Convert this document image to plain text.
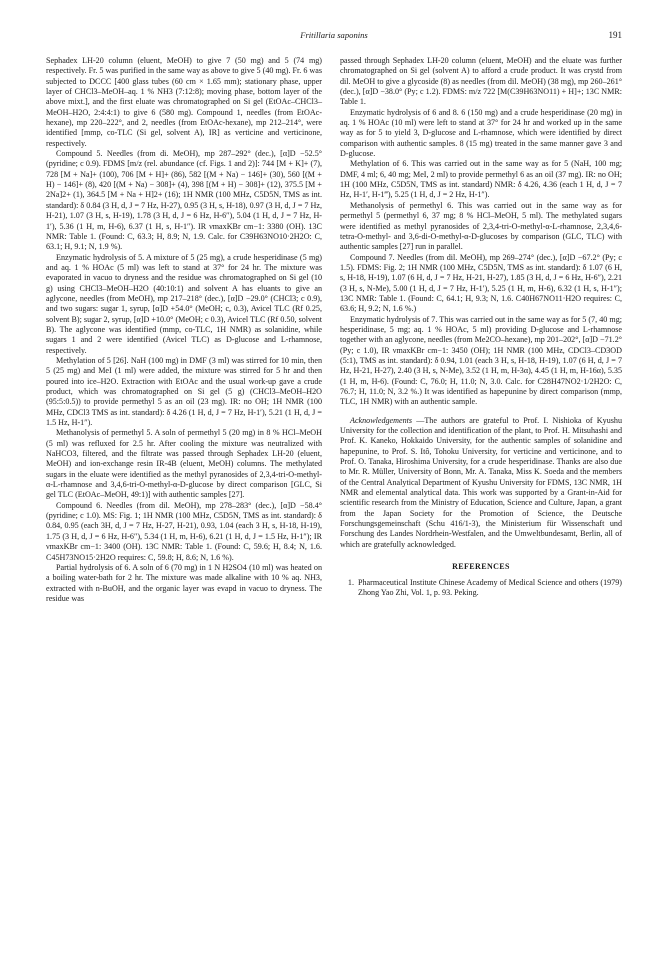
Fritillaria saponins	191

Sephadex LH-20 column (eluent, MeOH) to give 7 (50 mg) and 5 (74 mg) respectively. Fr. 5 was purified in the same way as above to give 5 (40 mg). Fr. 6 was subjected to DCCC [400 glass tubes (60 cm × 1.65 mm); stationary phase, upper layer of CHCl3–MeOH–aq. 1 % NH3 (7:12:8); moving phase, bottom layer of the above mixt.], and the first eluate was chromatographed on Si gel (EtOAc–CHCl3–MeOH–H2O, 2:4:4:1) to give 6 (580 mg). Compound 1, needles (from EtOAc-hexane), mp 220–222°, and 2, needles (from EtOAc-hexane), mp 212–214°, were identified [mmp, co-TLC (Si gel, solvent A), IR] as verticine and verticinone, respectively.

Compound 5. Needles (from di. MeOH), mp 287–292° (dec.), [α]D −52.5° (pyridine; c 0.9). FDMS [m/z (rel. abundance (cf. Figs. 1 and 2)]: 744 [M + K]+ (7), 728 [M + Na]+ (100), 706 [M + H]+ (86), 582 [(M + Na) − 146]+ (30), 560 [(M + H) − 146]+ (8), 420 [(M + Na) − 308]+ (4), 398 [(M + H) − 308]+ (12), 375.5 [M + 2Na]2+ (1), 364.5 [M + Na + H]2+ (16); 1H NMR (100 MHz, C5D5N, TMS as int. standard): δ 0.84 (3 H, d, J = 7 Hz, H-27), 0.95 (3 H, s, H-18), 0.97 (3 H, d, J = 7 Hz, H-21), 1.07 (3 H, s, H-19), 1.78 (3 H, d, J = 6 Hz, H-6″), 5.04 (1 H, d, J = 7 Hz, H-1′), 5.36 (1 H, m, H-6), 6.37 (1 H, s, H-1″). IR νmaxKBr cm−1: 3380 (OH). 13C NMR: Table 1. (Found: C, 63.3; H, 8.9; N, 1.9. Calc. for C39H63NO10·2H2O: C, 63.1; H, 9.1; N, 1.9 %).

Enzymatic hydrolysis of 5. A mixture of 5 (25 mg), a crude hesperidinase (5 mg) and aq. 1 % HOAc (5 ml) was left to stand at 37° for 24 hr. The mixture was evaporated in vacuo to dryness and the residue was chromatographed on Si gel (10 g) using CHCl3–MeOH–H2O (40:10:1) and solvent A has eluants to give an aglycone, needles (from MeOH), mp 217–218° (dec.), [α]D −29.0° (CHCl3; c 0.9), and two sugars: sugar 1, syrup, [α]D +54.0° (MeOH; c, 0.3), Avicel TLC (Rf 0.25, solvent B); sugar 2, syrup, [α]D +10.0° (MeOH; c 0.3), Avicel TLC (Rf 0.50, solvent B). The aglycone was identified (mmp, co-TLC, 1H NMR) as solanidine, while sugars 1 and 2 were identified (Avicel TLC) as D-glucose and L-rhamnose, respectively.

Methylation of 5 [26]. NaH (100 mg) in DMF (3 ml) was stirred for 10 min, then 5 (25 mg) and MeI (1 ml) were added, the mixture was stirred for 5 hr and then poured into ice–H2O. Extraction with EtOAc and the usual work-up gave a crude product, which was chromatographed on Si gel (5 g) (CHCl3–MeOH–H2O (95:5:0.5)) to provide permethyl 5 as an oil (23 mg). IR: no OH; 1H NMR (100 MHz, CDCl3 TMS as int. standard): δ 4.26 (1 H, d, J = 7 Hz, H-1′), 5.21 (1 H, d, J = 1.5 Hz, H-1″).

Methanolysis of permethyl 5. A soln of permethyl 5 (20 mg) in 8 % HCl–MeOH (5 ml) was refluxed for 2.5 hr. After cooling the mixture was neutralized with NaHCO3, filtered, and the filtrate was passed through Sephadex LH-20 (eluent, MeOH) and ion-exchange resin IR-4B (eluent, MeOH) columns. The methylated sugars in the eluate were identified as the methyl pyranosides of 2,3,4-tri-O-methyl-α-L-rhamnose and 3,4,6-tri-O-methyl-α-D-glucose by direct comparison [GLC, Si gel TLC (EtOAc–MeOH, 49:1)] with authentic samples [27].

Compound 6. Needles (from dil. MeOH), mp 278–283° (dec.), [α]D −58.4° (pyridine; c 1.0). MS: Fig. 1; 1H NMR (100 MHz, C5D5N, TMS as int. standard): δ 0.84, 0.95 (each 3H, d, J = 7 Hz, H-27, H-21), 0.93, 1.04 (each 3 H, s, H-18, H-19), 1.75 (3 H, d, J = 6 Hz, H-6″), 5.34 (1 H, m, H-6), 6.21 (1 H, d, J = 1.5 Hz, H-1″); IR νmaxKBr cm−1: 3400 (OH). 13C NMR: Table 1. (Found: C, 59.6; H, 8.4; N, 1.6. C45H73NO15·2H2O requires: C, 59.8; H, 8.6; N, 1.6 %).

Partial hydrolysis of 6. A soln of 6 (70 mg) in 1 N H2SO4 (10 ml) was heated on a boiling water-bath for 2 hr. The mixture was made alkaline with 10 % aq. NH3, extracted with n-BuOH, and the organic layer was evapd in vacuo to dryness. The residue was

passed through Sephadex LH-20 column (eluent, MeOH) and the eluate was further chromatographed on Si gel (solvent A) to afford a crude product. It was crystd from dil. MeOH to give a glycoside (8) as needles (from dil. MeOH) (38 mg), mp 260–261° (dec.), [α]D −38.0° (Py; c 1.2). FDMS: m/z 722 [M(C39H63NO11) + H]+; 13C NMR: Table 1.

Enzymatic hydrolysis of 6 and 8. 6 (150 mg) and a crude hesperidinase (20 mg) in aq. 1 % HOAc (10 ml) were left to stand at 37° for 24 hr and worked up in the same way as for 5 to yield 3, D-glucose and L-rhamnose, which were identified by direct comparison with authentic samples. 8 (15 mg) treated in the same manner gave 3 and D-glucose.

Methylation of 6. This was carried out in the same way as for 5 (NaH, 100 mg; DMF, 4 ml; 6, 40 mg; MeI, 2 ml) to provide permethyl 6 as an oil (37 mg). IR: no OH; 1H (100 MHz, C5D5N, TMS as int. standard) NMR: δ 4.26, 4.36 (each 1 H, d, J = 7 Hz, H-1′, H-1‴), 5.25 (1 H, d, J = 2 Hz, H-1″).

Methanolysis of permethyl 6. This was carried out in the same way as for permethyl 5 (permethyl 6, 37 mg; 8 % HCl–MeOH, 5 ml). The methylated sugars were identified as methyl pyranosides of 2,3,4-tri-O-methyl-α-L-rhamnose, 2,3,4,6-tetra-O-methyl- and 3,6-di-O-methyl-α-D-glucoses by comparison (GLC, TLC) with authentic samples [27] run in parallel.

Compound 7. Needles (from dil. MeOH), mp 269–274° (dec.), [α]D −67.2° (Py; c 1.5). FDMS: Fig. 2; 1H NMR (100 MHz, C5D5N, TMS as int. standard): δ 1.07 (6 H, s, H-18, H-19), 1.07 (6 H, d, J = 7 Hz, H-21, H-27), 1.85 (3 H, d, J = 6 Hz, H-6″), 2.21 (3 H, s, N-Me), 5.00 (1 H, d, J = 7 Hz, H-1′), 5.25 (1 H, m, H-6), 6.32 (1 H, s, H-1″); 13C NMR: Table 1. (Found: C, 64.1; H, 9.3; N, 1.6. C40H67NO11·H2O requires: C, 63.6; H, 9.2; N, 1.6 %.)

Enzymatic hydrolysis of 7. This was carried out in the same way as for 5 (7, 40 mg; hesperidinase, 5 mg; aq. 1 % HOAc, 5 ml) providing D-glucose and L-rhamnose together with an aglycone, needles (from Me2CO–hexane), mp 201–202°, [α]D −71.2° (Py; c 1.0), IR νmaxKBr cm−1: 3450 (OH); 1H NMR (100 MHz, CDCl3–CD3OD (5:1), TMS as int. standard): δ 0.94, 1.01 (each 3 H, s, H-18, H-19), 1.07 (6 H, d, J = 7 Hz, H-21, H-27), 2.40 (3 H, s, N-Me), 3.52 (1 H, m, H-3α), 4.45 (1 H, m, H-16α), 5.35 (1 H, m, H-6). (Found: C, 76.0; H, 11.0; N, 3.0. Calc. for C28H47NO2·1/2H2O: C, 76.7; H, 11.0; N, 3.2 %.) It was identified as hapepunine by direct comparison (mmp, TLC, 1H NMR) with an authentic sample.

Acknowledgements —The authors are grateful to Prof. I. Nishioka of Kyushu University for the collection and identification of the plant, to Prof. H. Mitsuhashi and Prof. K. Kaneko, Hokkaido University, for the authentic samples of solanidine and hapepunine, to Prof. S. Itô, Tohoku University, for verticine and verticinone, and to Prof. O. Tanaka, Hiroshima University, for a crude hesperidinase. Thanks are also due to Mr. R. Müller, University of Bonn, Mr. A. Tanaka, Miss K. Soeda and the members of the Central Analytical Department of Kyushu University for FDMS, 13C NMR, 1H NMR and elemental analytical data. This work was supported by a Grant-in-Aid for scientific research from the Ministry of Education, Science and Culture, Japan, a grant from the Japan Society for the Promotion of Science, the Deutsche Forschungsgemeinschaft (Schu 416/1-3), the Ministerium für Wissenschaft und Forschung des Landes Nordrhein-Westfalen, and the Umweltbundesamt, Berlin, all of which are gratefully acknowledged.

REFERENCES
1. Pharmaceutical Institute Chinese Academy of Medical Science and others (1979) Zhong Yao Zhi, Vol. 1, p. 93. Peking.
